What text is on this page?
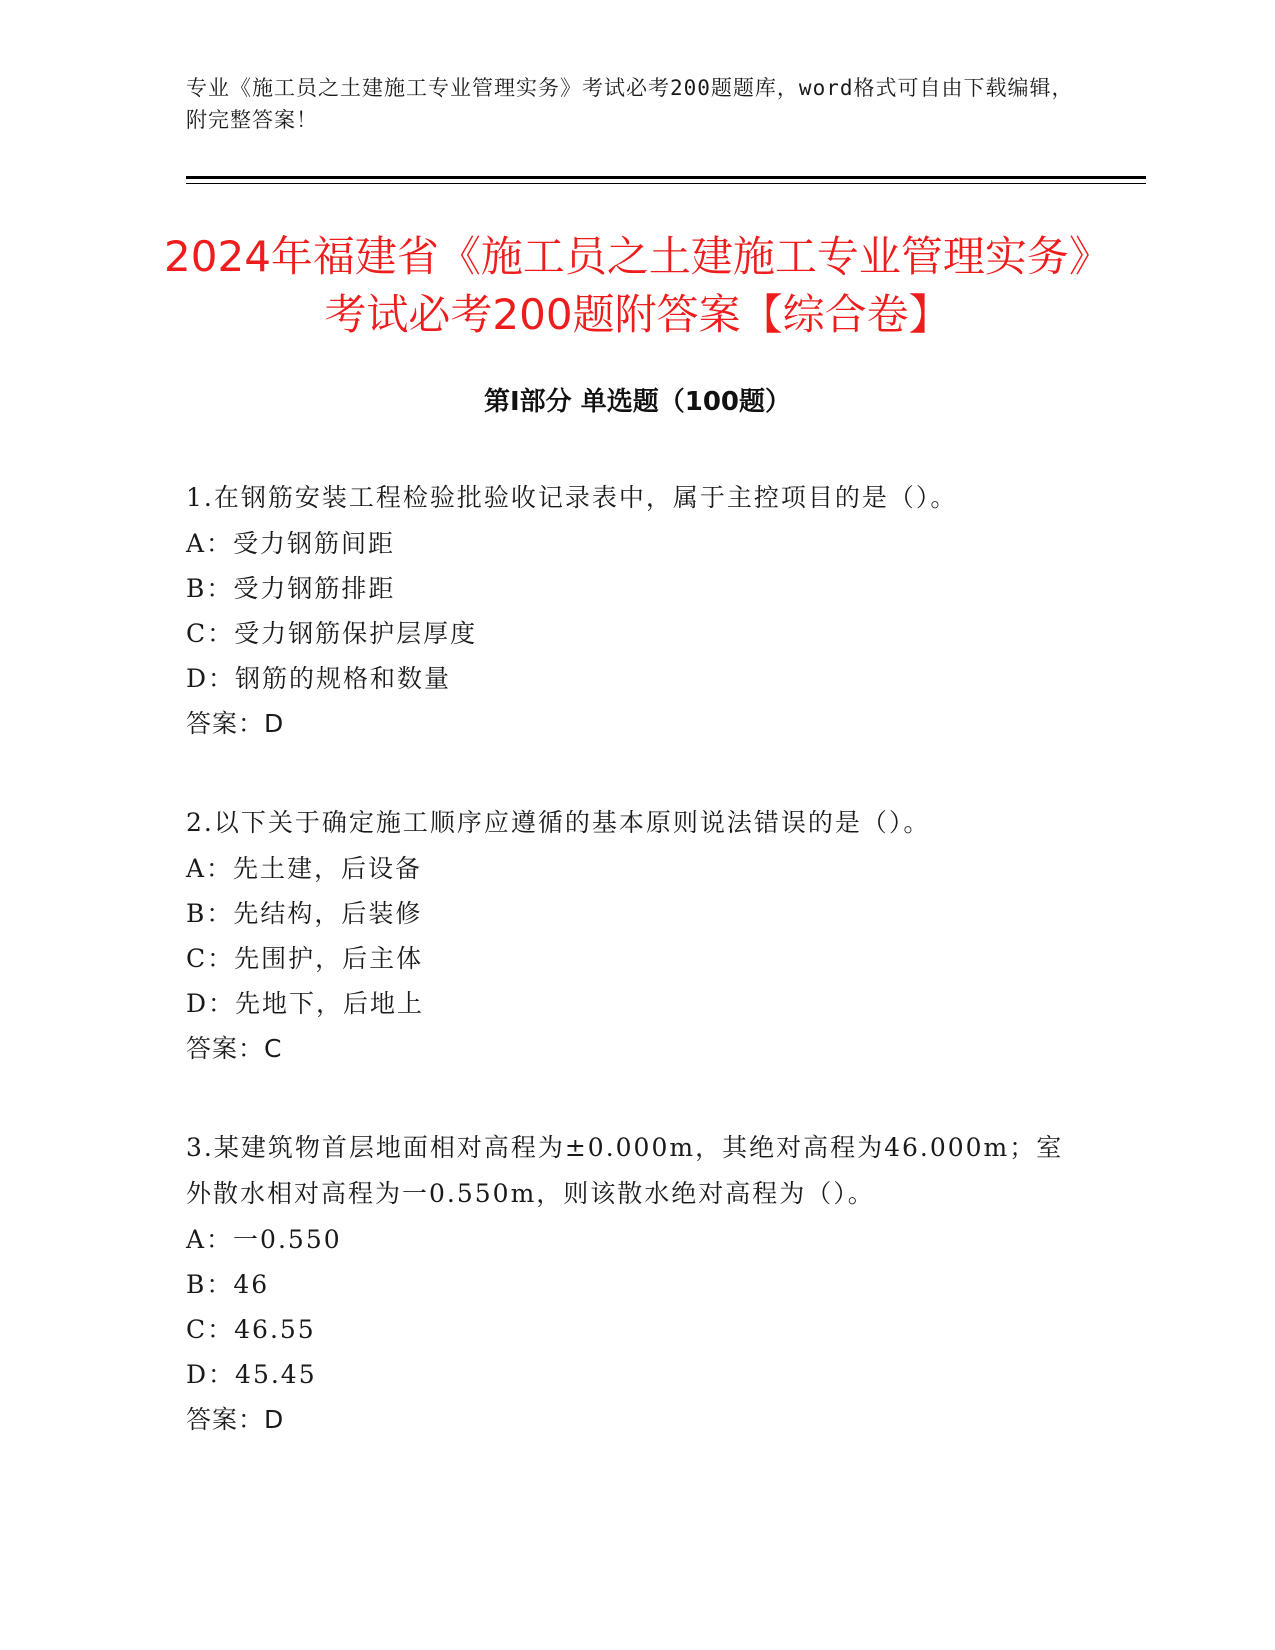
专业《施工员之土建施工专业管理实务》考试必考200题题库，word格式可自由下载编辑，附完整答案！
2024年福建省《施工员之土建施工专业管理实务》考试必考200题附答案【综合卷】
第I部分 单选题（100题）

1.在钢筋安装工程检验批验收记录表中，属于主控项目的是（）。

A：受力钢筋间距

B：受力钢筋排距

C：受力钢筋保护层厚度

D：钢筋的规格和数量

答案：D

2.以下关于确定施工顺序应遵循的基本原则说法错误的是（）。

A：先土建，后设备

B：先结构，后装修

C：先围护，后主体

D：先地下，后地上

答案：C

3.某建筑物首层地面相对高程为±0.000m，其绝对高程为46.000m；室外散水相对高程为一0.550m，则该散水绝对高程为（）。

A：一0.550

B：46

C：46.55

D：45.45

答案：D
